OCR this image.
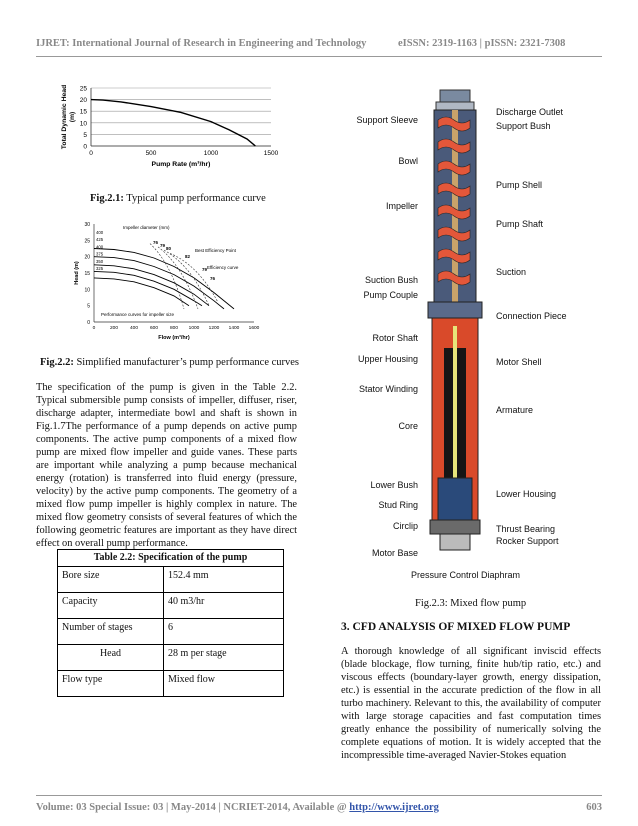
IJRET: International Journal of Research in Engineering and Technology	eISSN: 2319-1163 | pISSN: 2321-7308
0
5
10
15
20
25
0	500	1000	1500
Pump Rate (m³/hr)
Total Dynamic Head (m)
Fig.2.1: Typical pump performance curve
0
5
10
15
20
25
30
0	200 400 600 800 1000 1200 1400 1600
Flow (m³/hr)
Head (m)
Impeller diameter (mm)
Best Efficiency Point
Efficiency curve
Performance curves for impeller size
400
425
400
375
350
325
76
79
80
82
79
76
Fig.2.2: Simplified manufacturer’s pump performance curves
The specification of the pump is given in the Table 2.2. Typical submersible pump consists of impeller, diffuser, riser, discharge adapter, intermediate bowl and shaft is shown in Fig.1.7The performance of a pump depends on active pump components. The active pump components of a mixed flow pump are mixed flow impeller and guide vanes. These parts are important while analyzing a pump because mechanical energy (rotation) is transferred into fluid energy (pressure, velocity) by the active pump components. The geometry of a mixed flow pump impeller is highly complex in nature. The mixed flow geometry consists of several features of which the following geometric features are important as they have direct effect on overall pump performance.
Table 2.2: Specification of the pump	
Bore size	152.4 mm
Capacity	40 m3/hr
Number of stages	6
Head	28 m per stage
Flow type	Mixed flow
Support Sleeve
Bowl
Impeller
Suction Bush
Pump Couple
Rotor Shaft
Upper Housing
Stator Winding
Core
Lower Bush
Stud Ring
Circlip
Motor Base
Discharge Outlet
Support Bush
Pump Shell
Pump Shaft
Suction
Connection Piece
Motor Shell
Armature
Lower Housing
Thrust Bearing
Rocker Support
Pressure Control Diaphram
Fig.2.3: Mixed flow pump
3. CFD ANALYSIS OF MIXED FLOW PUMP
A thorough knowledge of all significant inviscid effects (blade blockage, flow turning, finite hub/tip ratio, etc.) and viscous effects (boundary-layer growth, energy dissipation, etc.) is essential in the accurate prediction of the flow in all turbo machinery. Relevant to this, the availability of computer with large storage capacities and fast computation times greatly enhance the possibility of numerically solving the complete equations of motion. It is widely accepted that the incompressible time-averaged Navier-Stokes equation
Volume: 03 Special Issue: 03 | May-2014 | NCRIET-2014, Available @ http://www.ijret.org	603
